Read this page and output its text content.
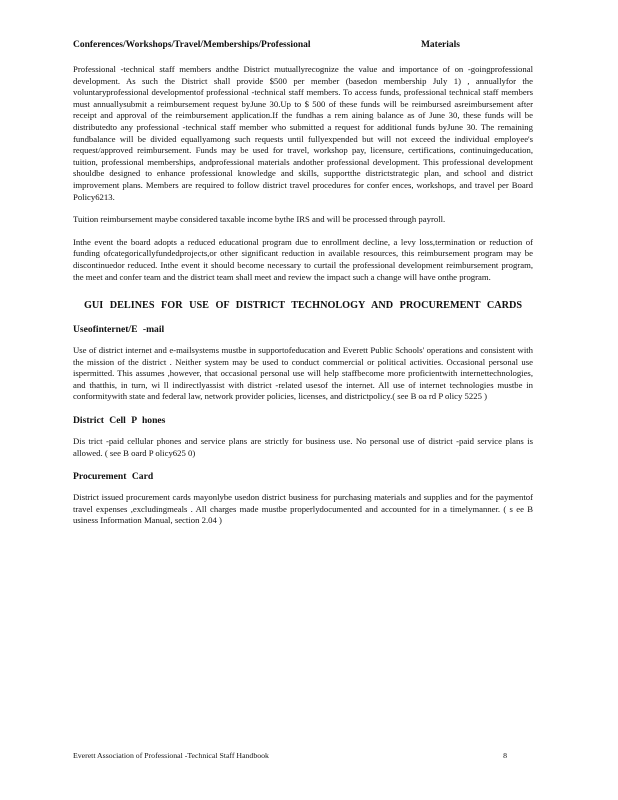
Conferences/Workshops/Travel/Memberships/Professional	Materials

Professional -technical staff members andthe District mutuallyrecognize the value and importance of on -goingprofessional development. As such the District shall provide $500 per member (basedon membership July 1) , annuallyfor the voluntaryprofessional developmentof professional -technical staff members. To access funds, professional technical staff members must annuallysubmit a reimbursement request byJune 30.Up to $ 500 of these funds will be reimbursed asreimbursement after receipt and approval of the reimbursement application.If the fundhas a rem aining balance as of June 30, these funds will be distributedto any professional -technical staff member who submitted a request for additional funds byJune 30. The remaining fundbalance will be divided equallyamong such requests until fullyexpended but will not exceed the individual employee's request/approved reimbursement. Funds may be used for travel, workshop pay, licensure, certifications, continuingeducation, tuition, professional memberships, andprofessional materials andother professional development. This professional development shouldbe designed to enhance professional knowledge and skills, supportthe districtstrategic plan, and school and district improvement plans. Members are required to follow district travel procedures for confer ences, workshops, and travel per Board Policy6213.

Tuition reimbursement maybe considered taxable income bythe IRS and will be processed through payroll.

Inthe event the board adopts a reduced educational program due to enrollment decline, a levy loss,termination or reduction of funding ofcategoricallyfundedprojects,or other significant reduction in available resources, this reimbursement program may be discontinuedor reduced. Inthe event it should become necessary to curtail the professional development reimbursement program, the meet and confer team and the district team shall meet and review the impact such a change will have onthe program.

GUI DELINES FOR USE OF DISTRICT TECHNOLOGY AND PROCUREMENT CARDS
Useofinternet/E -mail

Use of district internet and e-mailsystems mustbe in supportofeducation and Everett Public Schools' operations and consistent with the mission of the district . Neither system may be used to conduct commercial or political activities. Occasional personal use ispermitted. This assumes ,however, that occasional personal use will help staffbecome more proficientwith internettechnologies, and thatthis, in turn, wi ll indirectlyassist with district -related usesof the internet. All use of internet technologies mustbe in conformitywith state and federal law, network provider policies, licenses, and districtpolicy.( see B oa rd P olicy 5225 )

District Cell P hones

Dis trict -paid cellular phones and service plans are strictly for business use. No personal use of district -paid service plans is allowed. ( see B oard P olicy625 0)

Procurement Card

District issued procurement cards mayonlybe usedon district business for purchasing materials and supplies and for the paymentof travel expenses ,excludingmeals . All charges made mustbe properlydocumented and accounted for in a timelymanner. ( s ee B usiness Information Manual, section 2.04 )

Everett Association of Professional -Technical Staff Handbook	8
